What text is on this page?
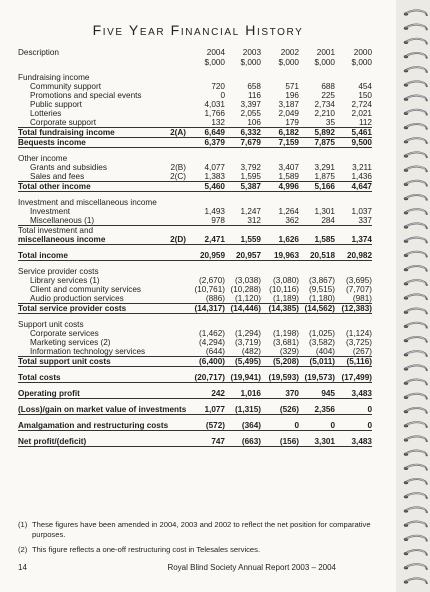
Five Year Financial History
Description		2004	2003	2002	2001	2000
		$,000	$,000	$,000	$,000	$,000

Fundraising income						
Community support		720	658	571	688	454
Promotions and special events		0	116	196	225	150
Public support		4,031	3,397	3,187	2,734	2,724
Lotteries		1,766	2,055	2,049	2,210	2,021
Corporate support		132	106	179	35	112
Total fundraising income	2(A)	6,649	6,332	6,182	5,892	5,461
Bequests income		6,379	7,679	7,159	7,875	9,500

Other income						
Grants and subsidies	2(B)	4,077	3,792	3,407	3,291	3,211
Sales and fees	2(C)	1,383	1,595	1,589	1,875	1,436
Total other income		5,460	5,387	4,996	5,166	4,647

Investment and miscellaneous income						
Investment		1,493	1,247	1,264	1,301	1,037
Miscellaneous (1)		978	312	362	284	337
Total investment and						
miscellaneous income	2(D)	2,471	1,559	1,626	1,585	1,374

Total income		20,959	20,957	19,963	20,518	20,982

Service provider costs						
Library services (1)		(2,670)	(3,038)	(3,080)	(3,867)	(3,695)
Client and community services		(10,761)	(10,288)	(10,116)	(9,515)	(7,707)
Audio production services		(886)	(1,120)	(1,189)	(1,180)	(981)
Total service provider costs		(14,317)	(14,446)	(14,385)	(14,562)	(12,383)

Support unit costs						
Corporate services		(1,462)	(1,294)	(1,198)	(1,025)	(1,124)
Marketing services (2)		(4,294)	(3,719)	(3,681)	(3,582)	(3,725)
Information technology services		(644)	(482)	(329)	(404)	(267)
Total support unit costs		(6,400)	(5,495)	(5,208)	(5,011)	(5,116)

Total costs		(20,717)	(19,941)	(19,593)	(19,573)	(17,499)

Operating profit		242	1,016	370	945	3,483

(Loss)/gain on market value of investments		1,077	(1,315)	(526)	2,356	0

Amalgamation and restructuring costs		(572)	(364)	0	0	0

Net profit/(deficit)		747	(663)	(156)	3,301	3,483
(1) These figures have been amended in 2004, 2003 and 2002 to reflect the net position for comparative purposes.
(2) This figure reflects a one-off restructuring cost in Telesales services.
14	Royal Blind Society Annual Report 2003 – 2004
